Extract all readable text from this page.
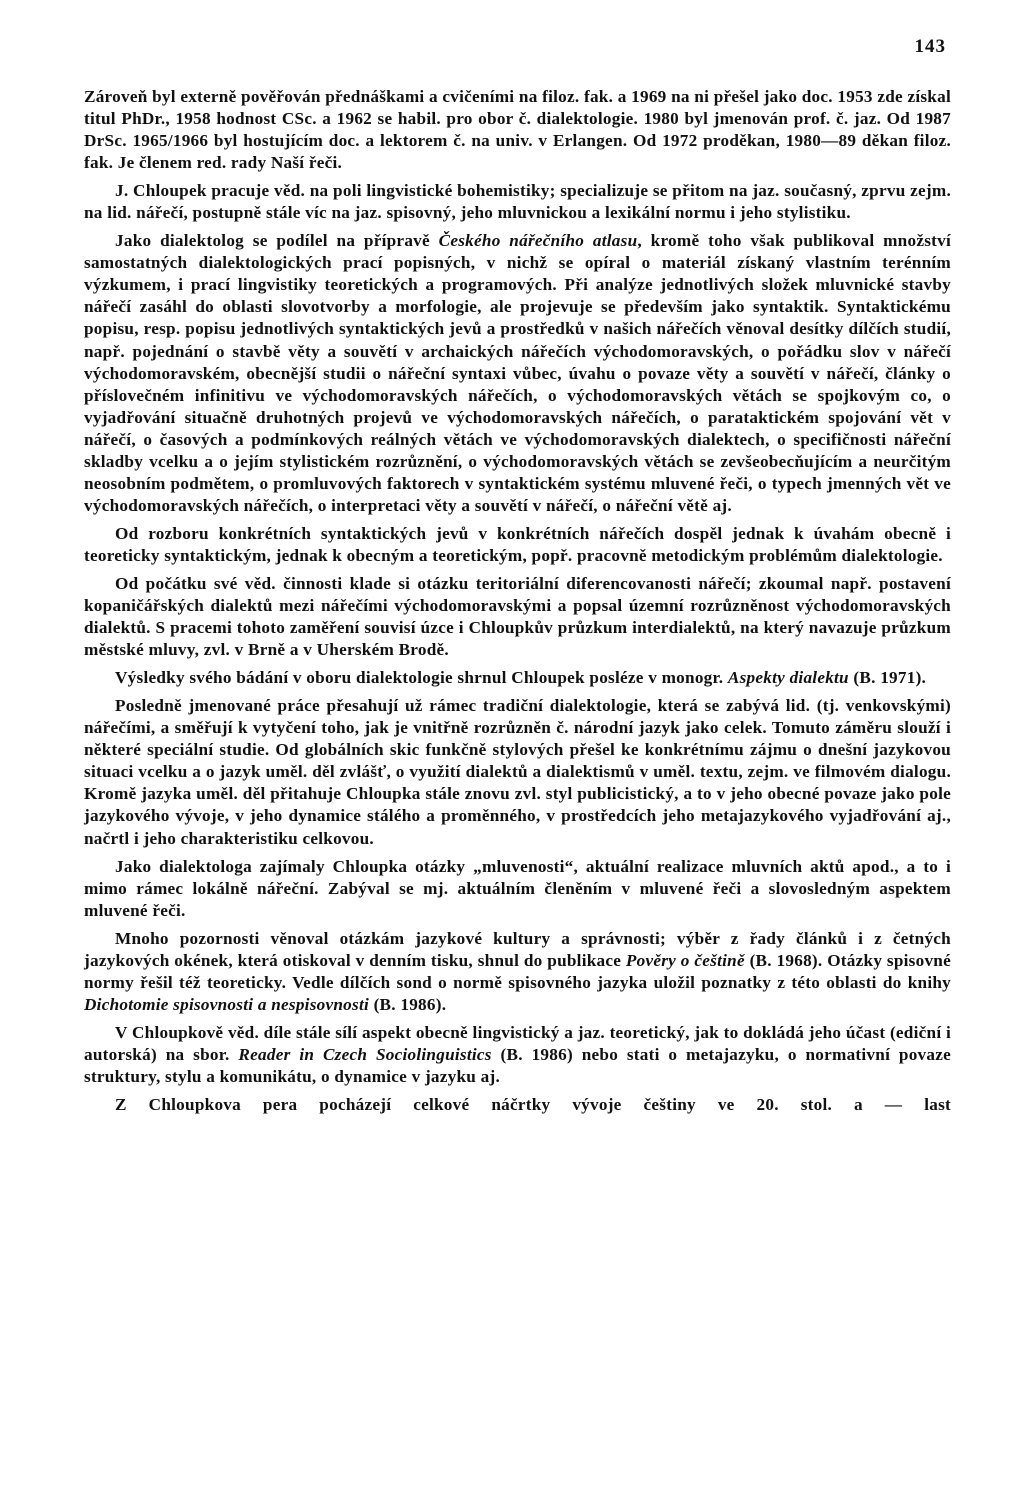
143

Zároveň byl externě pověřován přednáškami a cvičeními na filoz. fak. a 1969 na ni přešel jako doc. 1953 zde získal titul PhDr., 1958 hodnost CSc. a 1962 se habil. pro obor č. dialektologie. 1980 byl jmenován prof. č. jaz. Od 1987 DrSc. 1965/1966 byl hostujícím doc. a lektorem č. na univ. v Erlangen. Od 1972 proděkan, 1980—89 děkan filoz. fak. Je členem red. rady Naší řeči.

J. Chloupek pracuje věd. na poli lingvistické bohemistiky; specializuje se přitom na jaz. současný, zprvu zejm. na lid. nářečí, postupně stále víc na jaz. spisovný, jeho mluvnickou a lexikální normu i jeho stylistiku.

Jako dialektolog se podílel na přípravě Českého nářečního atlasu, kromě toho však publikoval množství samostatných dialektologických prací popisných, v nichž se opíral o materiál získaný vlastním terénním výzkumem, i prací lingvistiky teoretických a programových. Při analýze jednotlivých složek mluvnické stavby nářečí zasáhl do oblasti slovotvorby a morfologie, ale projevuje se především jako syntaktik. Syntaktickému popisu, resp. popisu jednotlivých syntaktických jevů a prostředků v našich nářečích věnoval desítky dílčích studií, např. pojednání o stavbě věty a souvětí v archaických nářečích východomoravských, o pořádku slov v nářečí východomoravském, obecnější studii o nářeční syntaxi vůbec, úvahu o povaze věty a souvětí v nářečí, články o příslovečném infinitivu ve východomoravských nářečích, o východomoravských větách se spojkovým co, o vyjadřování situačně druhotných projevů ve východomoravských nářečích, o parataktickém spojování vět v nářečí, o časových a podmínkových reálných větách ve východomoravských dialektech, o specifičnosti nářeční skladby vcelku a o jejím stylistickém rozrůznění, o východomoravských větách se zevšeobecňujícím a neurčitým neosobním podmětem, o promluvových faktorech v syntaktickém systému mluvené řeči, o typech jmenných vět ve východomoravských nářečích, o interpretaci věty a souvětí v nářečí, o nářeční větě aj.

Od rozboru konkrétních syntaktických jevů v konkrétních nářečích dospěl jednak k úvahám obecně i teoreticky syntaktickým, jednak k obecným a teoretickým, popř. pracovně metodickým problémům dialektologie.

Od počátku své věd. činnosti klade si otázku teritoriální diferencovanosti nářečí; zkoumal např. postavení kopaničářských dialektů mezi nářečími východomoravskými a popsal územní rozrůzněnost východomoravských dialektů. S pracemi tohoto zaměření souvisí úzce i Chloupkův průzkum interdialektů, na který navazuje průzkum městské mluvy, zvl. v Brně a v Uherském Brodě.

Výsledky svého bádání v oboru dialektologie shrnul Chloupek posléze v monogr. Aspekty dialektu (B. 1971).

Posledně jmenované práce přesahují už rámec tradiční dialektologie, která se zabývá lid. (tj. venkovskými) nářečími, a směřují k vytyčení toho, jak je vnitřně rozrůzněn č. národní jazyk jako celek. Tomuto záměru slouží i některé speciální studie. Od globálních skic funkčně stylových přešel ke konkrétnímu zájmu o dnešní jazykovou situaci vcelku a o jazyk uměl. děl zvlášť, o využití dialektů a dialektismů v uměl. textu, zejm. ve filmovém dialogu. Kromě jazyka uměl. děl přitahuje Chloupka stále znovu zvl. styl publicistický, a to v jeho obecné povaze jako pole jazykového vývoje, v jeho dynamice stálého a proměnného, v prostředcích jeho metajazykového vyjadřování aj., načrtl i jeho charakteristiku celkovou.

Jako dialektologa zajímaly Chloupka otázky „mluvenosti“, aktuální realizace mluvních aktů apod., a to i mimo rámec lokálně nářeční. Zabýval se mj. aktuálním členěním v mluvené řeči a slovosledným aspektem mluvené řeči.

Mnoho pozornosti věnoval otázkám jazykové kultury a správnosti; výběr z řady článků i z četných jazykových okének, která otiskoval v denním tisku, shnul do publikace Pověry o češtině (B. 1968). Otázky spisovné normy řešil též teoreticky. Vedle dílčích sond o normě spisovného jazyka uložil poznatky z této oblasti do knihy Dichotomie spisovnosti a nespisovnosti (B. 1986).

V Chloupkově věd. díle stále sílí aspekt obecně lingvistický a jaz. teoretický, jak to dokládá jeho účast (ediční i autorská) na sbor. Reader in Czech Sociolinguistics (B. 1986) nebo stati o metajazyku, o normativní povaze struktury, stylu a komunikátu, o dynamice v jazyku aj.

Z Chloupkova pera pocházejí celkové náčrtky vývoje češtiny ve 20. stol. a — last
